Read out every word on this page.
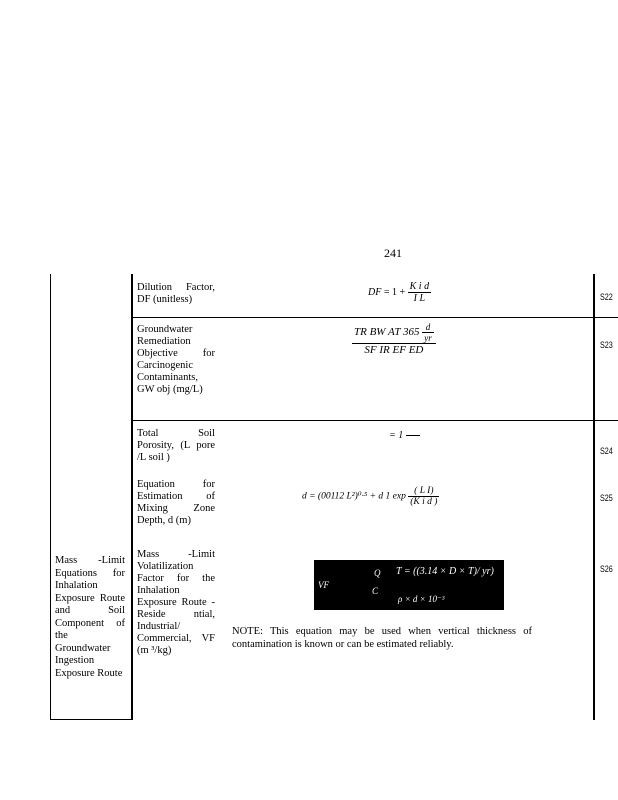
241
Mass -Limit Equations for Inhalation Exposure Route and Soil Component of the Groundwater Ingestion Exposure Route
Dilution Factor, DF (unitless)
Groundwater Remediation Objective for Carcinogenic Contaminants, GW obj (mg/L)
Total Soil Porosity, (L pore /L soil )
Equation for Estimation of Mixing Zone Depth, d (m)
Mass -Limit Volatilization Factor for the Inhalation Exposure Route -Reside ntial, Industrial/ Commercial, VF (m ³/kg)
S22
S23
S24
S25
S26
DF = $1 + \frac{\text{K i d}}{\text{I L}}$
$\frac{TR BW AT 365 \frac{d}{yr}}{\text{SF IR EF ED}}$
= 1
d = (00112 L²)⁰·⁵ + d 1 $\exp \frac{\text{( L I)}}{\text{(K i d )}}$
VF
Q
C
T = ((3.14 × D × T)/ yr)
ρ × d × 10⁻³
NOTE: This equation may be used when vertical thickness of contamination is known or can be estimated reliably.
